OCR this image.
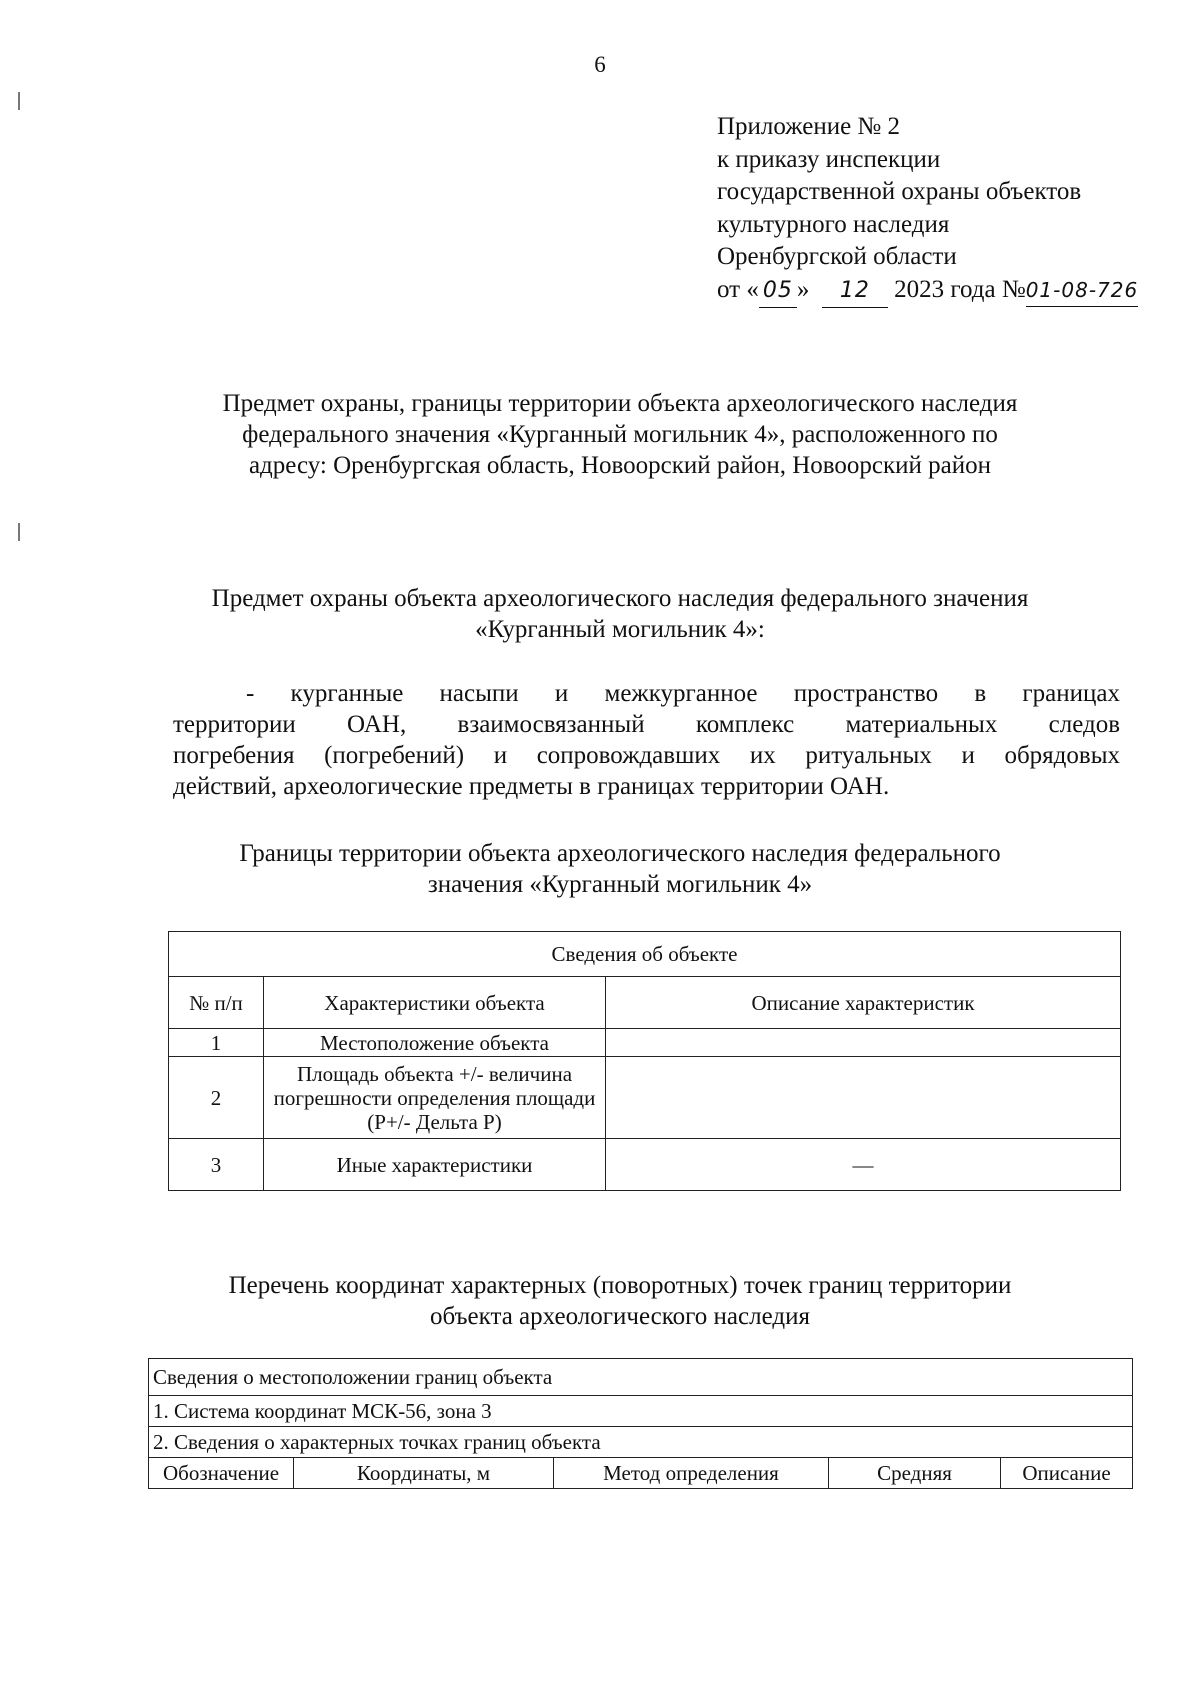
6
Приложение № 2
к приказу инспекции
государственной охраны объектов
культурного наследия
Оренбургской области
от « 05 » 12 2023 года №01-08-726
Предмет охраны, границы территории объекта археологического наследия
федерального значения «Курганный могильник 4», расположенного по
адресу: Оренбургская область, Новоорский район, Новоорский район
Предмет охраны объекта археологического наследия федерального значения
«Курганный могильник 4»:
- курганные насыпи и межкурганное пространство в границах
территории ОАН, взаимосвязанный комплекс материальных следов
погребения (погребений) и сопровождавших их ритуальных и обрядовых
действий, археологические предметы в границах территории ОАН.
Границы территории объекта археологического наследия федерального
значения «Курганный могильник 4»
Сведения об объекте		
№ п/п	Характеристики объекта	Описание характеристик
1	Местоположение объекта	
2	Площадь объекта +/- величина погрешности определения площади (Р+/- Дельта Р)	
3	Иные характеристики	—
Перечень координат характерных (поворотных) точек границ территории
объекта археологического наследия
Сведения о местоположении границ объекта
1. Система координат МСК-56, зона 3
2. Сведения о характерных точках границ объекта
Обозначение	Координаты, м	Метод определения	Средняя	Описание
